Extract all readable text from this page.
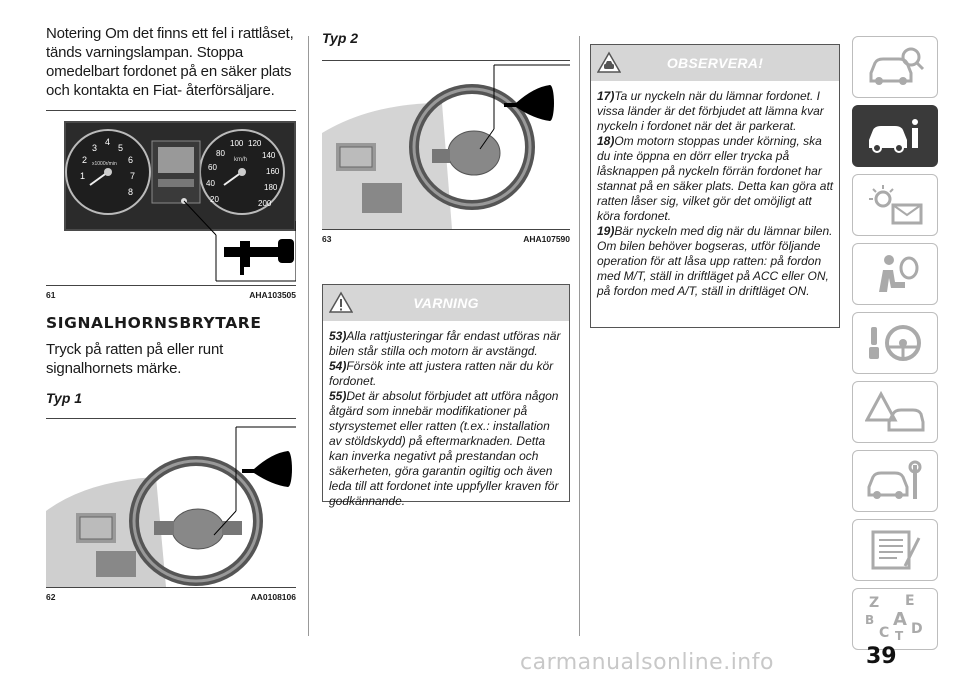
Notering Om det finns ett fel i rattlåset, tänds varningslampan. Stoppa omedelbart fordonet på en säker plats och kontakta en Fiat- återförsäljare.

1
2
3
4
5
6
7
8
x1000r/min
20
40
60
80
100 120
140
160
180
200
km/h
61	AHA103505
SIGNALHORNSBRYTARE

Tryck på ratten på eller runt signalhornets märke.

Typ 1
62	AA0108106
Typ 2
63	AHA107590
VARNING

53)Alla rattjusteringar får endast utföras när bilen står stilla och motorn är avstängd.

54)Försök inte att justera ratten när du kör fordonet.

55)Det är absolut förbjudet att utföra någon åtgärd som innebär modifikationer på styrsystemet eller ratten (t.ex.: installation av stöldskydd) på eftermarknaden. Detta kan inverka negativt på prestandan och säkerheten, göra garantin ogiltig och även leda till att fordonet inte uppfyller kraven för godkännande.

OBSERVERA!

17)Ta ur nyckeln när du lämnar fordonet. I vissa länder är det förbjudet att lämna kvar nyckeln i fordonet när det är parkerat.

18)Om motorn stoppas under körning, ska du inte öppna en dörr eller trycka på låsknappen på nyckeln förrän fordonet har stannat på en säker plats. Detta kan göra att ratten låser sig, vilket gör det omöjligt att köra fordonet.

19)Bär nyckeln med dig när du lämnar bilen. Om bilen behöver bogseras, utför följande operation för att låsa upp ratten: på fordon med M/T, ställ in driftläget på ACC eller ON, på fordon med A/T, ställ in driftläget ON.

Z E
B A
C D
T
carmanualsonline.info	39
